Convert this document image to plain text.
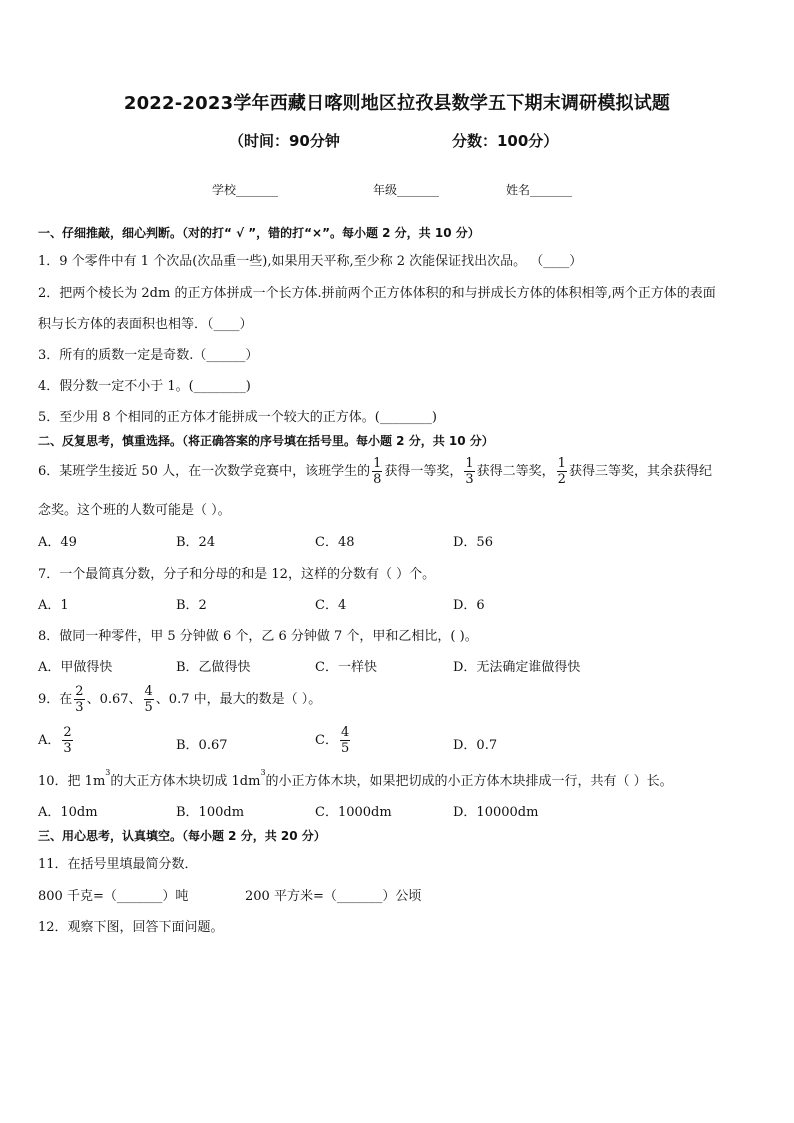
2022-2023学年西藏日喀则地区拉孜县数学五下期末调研模拟试题
（时间：90分钟	分数：100分）
学校_______	年级_______	姓名_______
一、仔细推敲，细心判断。（对的打“ √ ”，错的打“×”。每小题 2 分，共 10 分）
1．9 个零件中有 1 个次品(次品重一些),如果用天平称,至少称 2 次能保证找出次品。 （____）
2．把两个棱长为 2dm 的正方体拼成一个长方体.拼前两个正方体体积的和与拼成长方体的体积相等,两个正方体的表面
积与长方体的表面积也相等．（____）
3．所有的质数一定是奇数.（______）
4．假分数一定不小于 1。(________)
5．至少用 8 个相同的正方体才能拼成一个较大的正方体。(________)
二、反复思考，慎重选择。（将正确答案的序号填在括号里。每小题 2 分，共 10 分）
6．某班学生接近 50 人，在一次数学竞赛中，该班学生的 $\frac{1}{8}$ 获得一等奖， $\frac{1}{3}$ 获得二等奖， $\frac{1}{2}$ 获得三等奖，其余获得纪
念奖。这个班的人数可能是（ ）。
A．49	B．24	C．48	D．56
7．一个最简真分数，分子和分母的和是 12，这样的分数有（ ）个。
A．1	B．2	C．4	D．6
8．做同一种零件，甲 5 分钟做 6 个，乙 6 分钟做 7 个，甲和乙相比，( )。
A．甲做得快	B．乙做得快	C．一样快	D．无法确定谁做得快
9．在 $\frac{2}{3}$ 、0.67、 $\frac{4}{5}$ 、0.7 中，最大的数是（ ）。
A． $\frac{2}{3}$	B．0.67	C． $\frac{4}{5}$	D．0.7
10．把 $1m^3$的大正方体木块切成 $1dm^3$的小正方体木块，如果把切成的小正方体木块排成一行，共有（ ）长。
A．10dm	B．100dm	C．1000dm	D．10000dm
三、用心思考，认真填空。（每小题 2 分，共 20 分）
11．在括号里填最简分数．
800 千克=（_______）吨	200 平方米=（_______）公顷
12．观察下图，回答下面问题。
